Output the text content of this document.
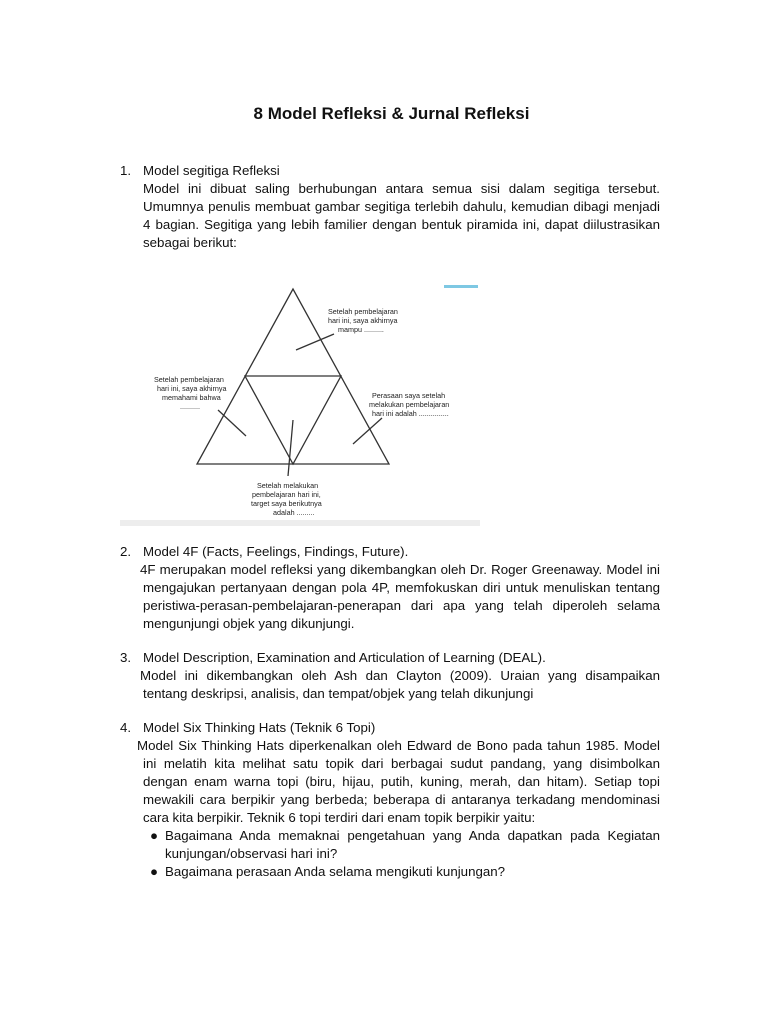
8 Model Refleksi & Jurnal Refleksi
1. Model segitiga Refleksi
Model ini dibuat saling berhubungan antara semua sisi dalam segitiga tersebut. Umumnya penulis membuat gambar segitiga terlebih dahulu, kemudian dibagi menjadi 4 bagian. Segitiga yang lebih familier dengan bentuk piramida ini, dapat diilustrasikan sebagai berikut:
Setelah pembelajaran hari ini, saya akhirnya mampu ..........
Setelah pembelajaran hari ini, saya akhirnya memahami bahwa ..........
Perasaan saya setelah melakukan pembelajaran hari ini adalah ...............
Setelah melakukan pembelajaran hari ini, target saya berikutnya adalah .........
2. Model 4F (Facts, Feelings, Findings, Future).
4F merupakan model refleksi yang dikembangkan oleh Dr. Roger Greenaway. Model ini mengajukan pertanyaan dengan pola 4P, memfokuskan diri untuk menuliskan tentang peristiwa-perasan-pembelajaran-penerapan dari apa yang telah diperoleh selama mengunjungi objek yang dikunjungi.
3. Model Description, Examination and Articulation of Learning (DEAL).
Model ini dikembangkan oleh Ash dan Clayton (2009). Uraian yang disampaikan tentang deskripsi, analisis, dan tempat/objek yang telah dikunjungi
4. Model Six Thinking Hats (Teknik 6 Topi)
Model Six Thinking Hats diperkenalkan oleh Edward de Bono pada tahun 1985. Model ini melatih kita melihat satu topik dari berbagai sudut pandang, yang disimbolkan dengan enam warna topi (biru, hijau, putih, kuning, merah, dan hitam). Setiap topi mewakili cara berpikir yang berbeda; beberapa di antaranya terkadang mendominasi cara kita berpikir. Teknik 6 topi terdiri dari enam topik berpikir yaitu:
● Bagaimana Anda memaknai pengetahuan yang Anda dapatkan pada Kegiatan kunjungan/observasi hari ini?
● Bagaimana perasaan Anda selama mengikuti kunjungan?
